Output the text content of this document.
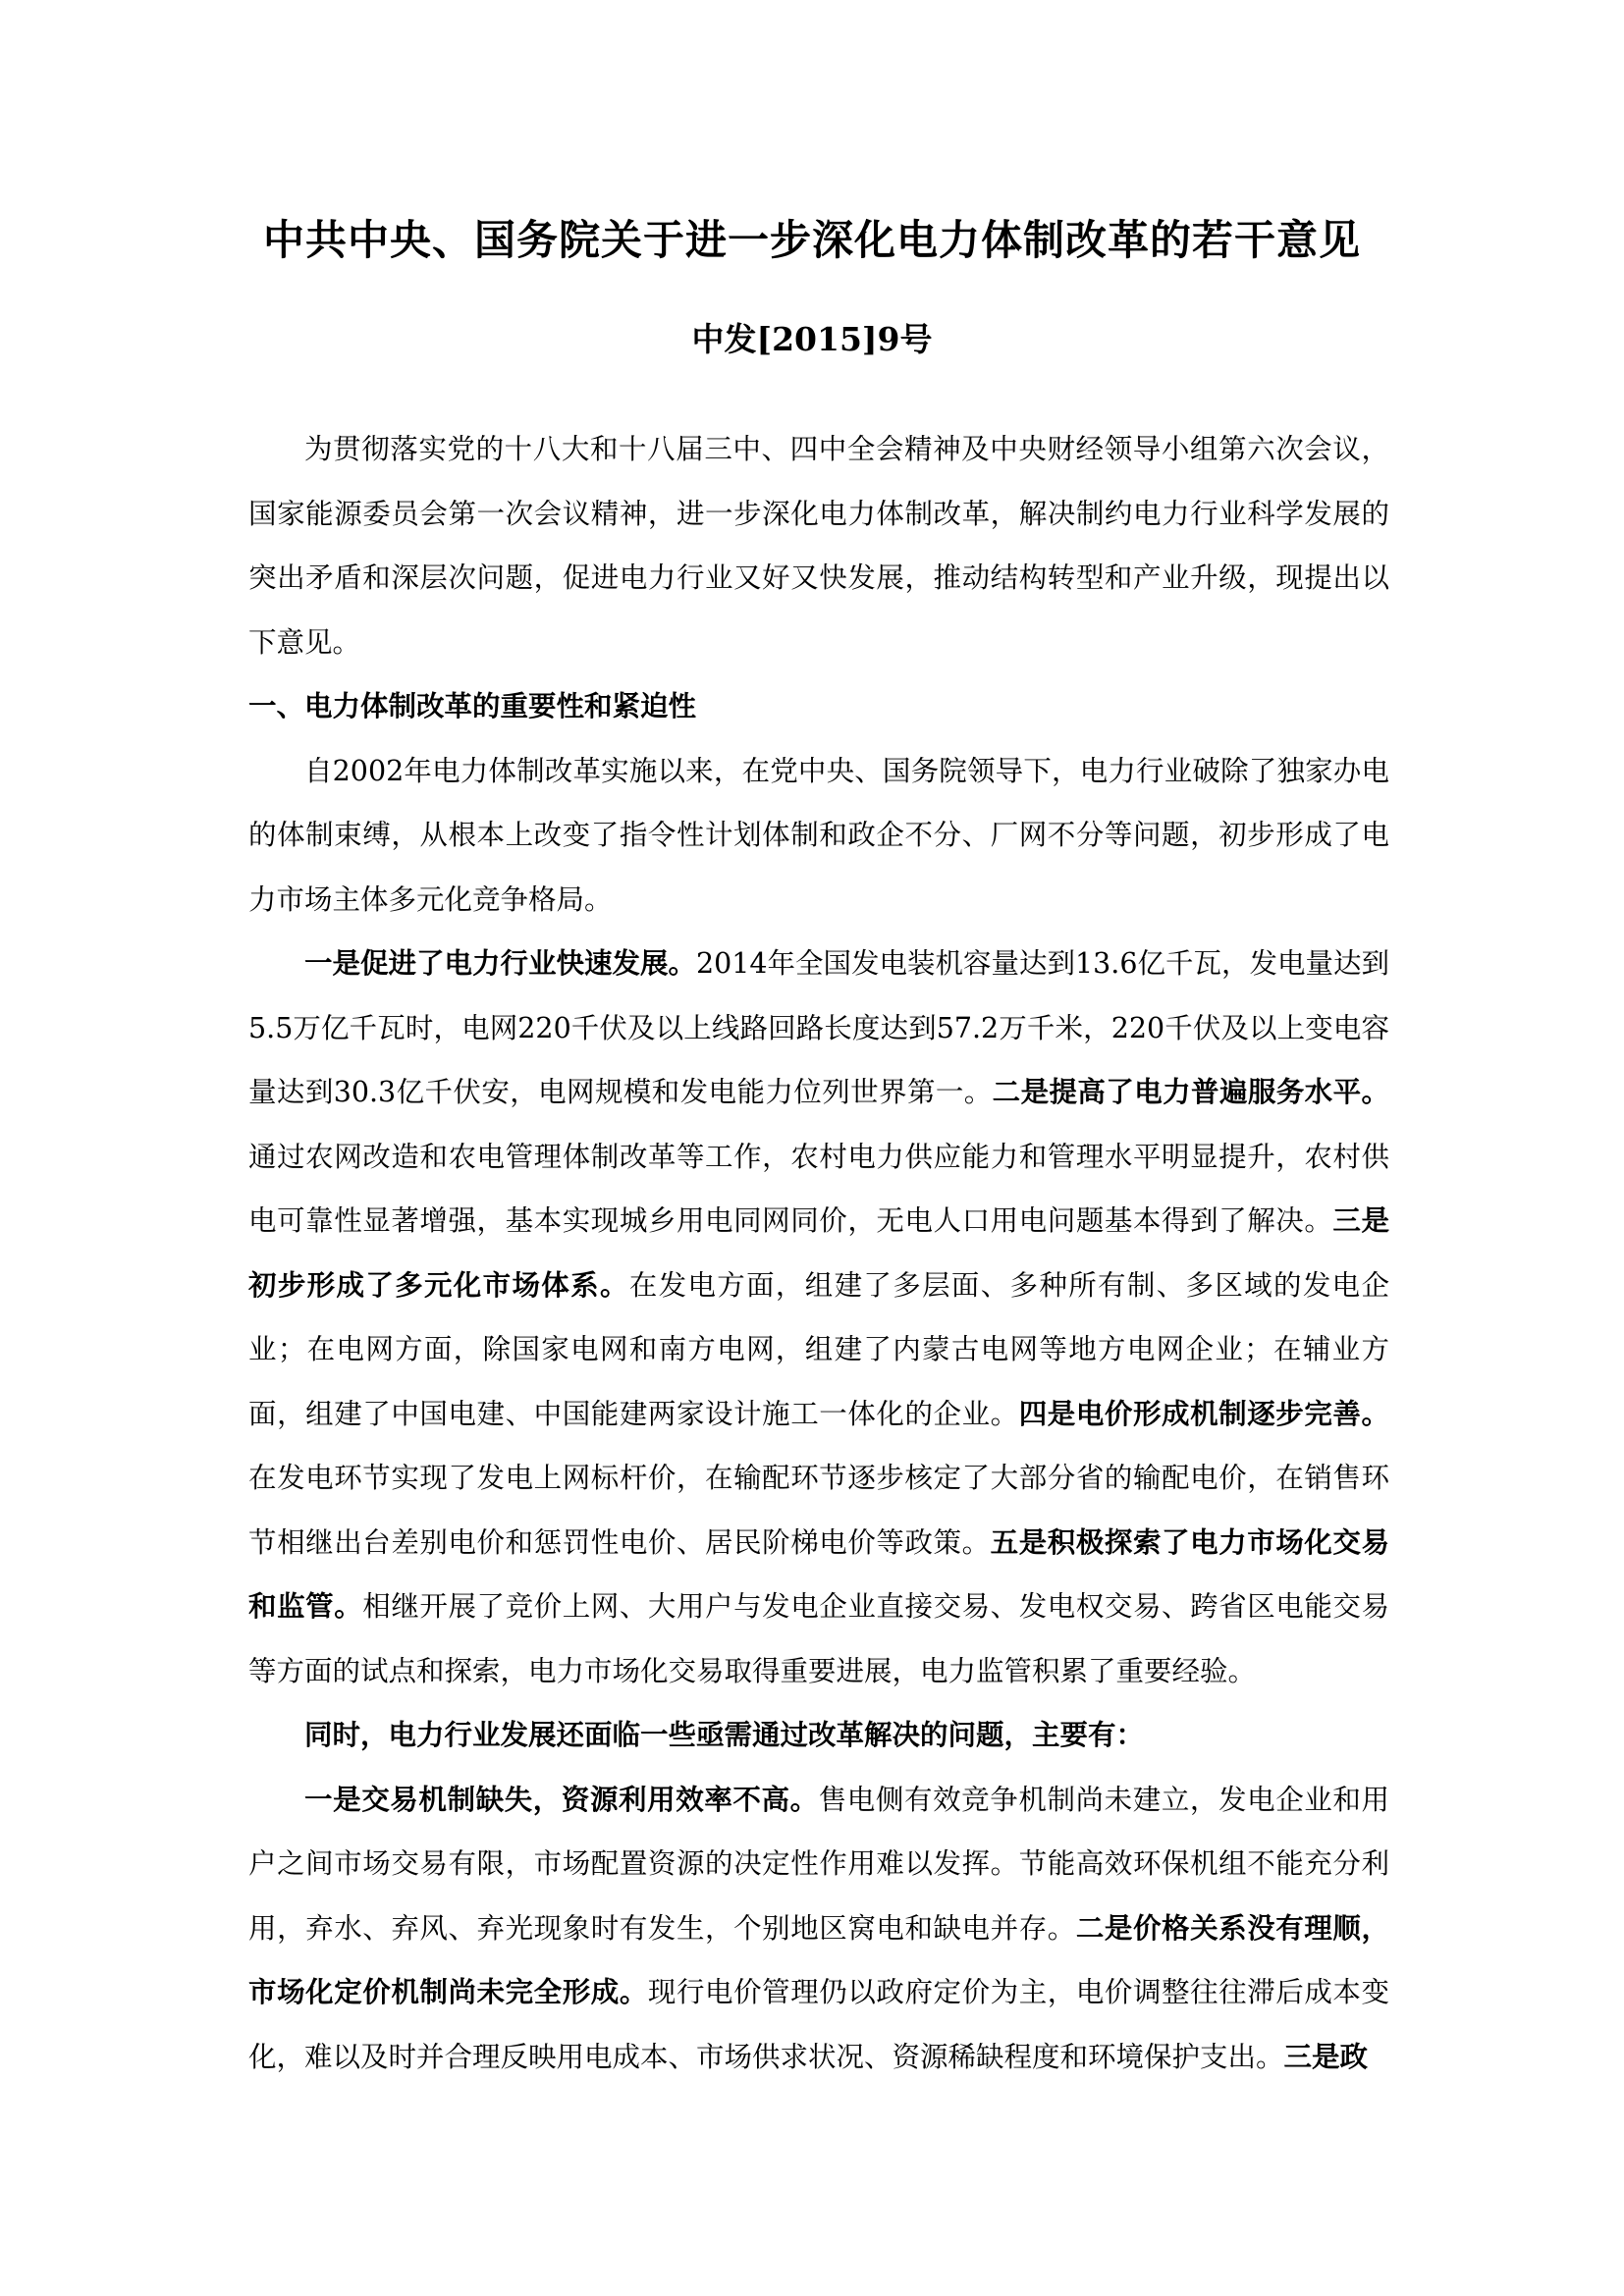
中共中央、国务院关于进一步深化电力体制改革的若干意见
中发[2015]9号

为贯彻落实党的十八大和十八届三中、四中全会精神及中央财经领导小组第六次会议，国家能源委员会第一次会议精神，进一步深化电力体制改革，解决制约电力行业科学发展的突出矛盾和深层次问题，促进电力行业又好又快发展，推动结构转型和产业升级，现提出以下意见。

一、电力体制改革的重要性和紧迫性

自2002年电力体制改革实施以来，在党中央、国务院领导下，电力行业破除了独家办电的体制束缚，从根本上改变了指令性计划体制和政企不分、厂网不分等问题，初步形成了电力市场主体多元化竞争格局。

一是促进了电力行业快速发展。2014年全国发电装机容量达到13.6亿千瓦，发电量达到5.5万亿千瓦时，电网220千伏及以上线路回路长度达到57.2万千米，220千伏及以上变电容量达到30.3亿千伏安，电网规模和发电能力位列世界第一。二是提高了电力普遍服务水平。通过农网改造和农电管理体制改革等工作，农村电力供应能力和管理水平明显提升，农村供电可靠性显著增强，基本实现城乡用电同网同价，无电人口用电问题基本得到了解决。三是初步形成了多元化市场体系。在发电方面，组建了多层面、多种所有制、多区域的发电企业；在电网方面，除国家电网和南方电网，组建了内蒙古电网等地方电网企业；在辅业方面，组建了中国电建、中国能建两家设计施工一体化的企业。四是电价形成机制逐步完善。在发电环节实现了发电上网标杆价，在输配环节逐步核定了大部分省的输配电价，在销售环节相继出台差别电价和惩罚性电价、居民阶梯电价等政策。五是积极探索了电力市场化交易和监管。相继开展了竞价上网、大用户与发电企业直接交易、发电权交易、跨省区电能交易等方面的试点和探索，电力市场化交易取得重要进展，电力监管积累了重要经验。

同时，电力行业发展还面临一些亟需通过改革解决的问题，主要有：

一是交易机制缺失，资源利用效率不高。售电侧有效竞争机制尚未建立，发电企业和用户之间市场交易有限，市场配置资源的决定性作用难以发挥。节能高效环保机组不能充分利用，弃水、弃风、弃光现象时有发生，个别地区窝电和缺电并存。二是价格关系没有理顺，市场化定价机制尚未完全形成。现行电价管理仍以政府定价为主，电价调整往往滞后成本变化，难以及时并合理反映用电成本、市场供求状况、资源稀缺程度和环境保护支出。三是政
